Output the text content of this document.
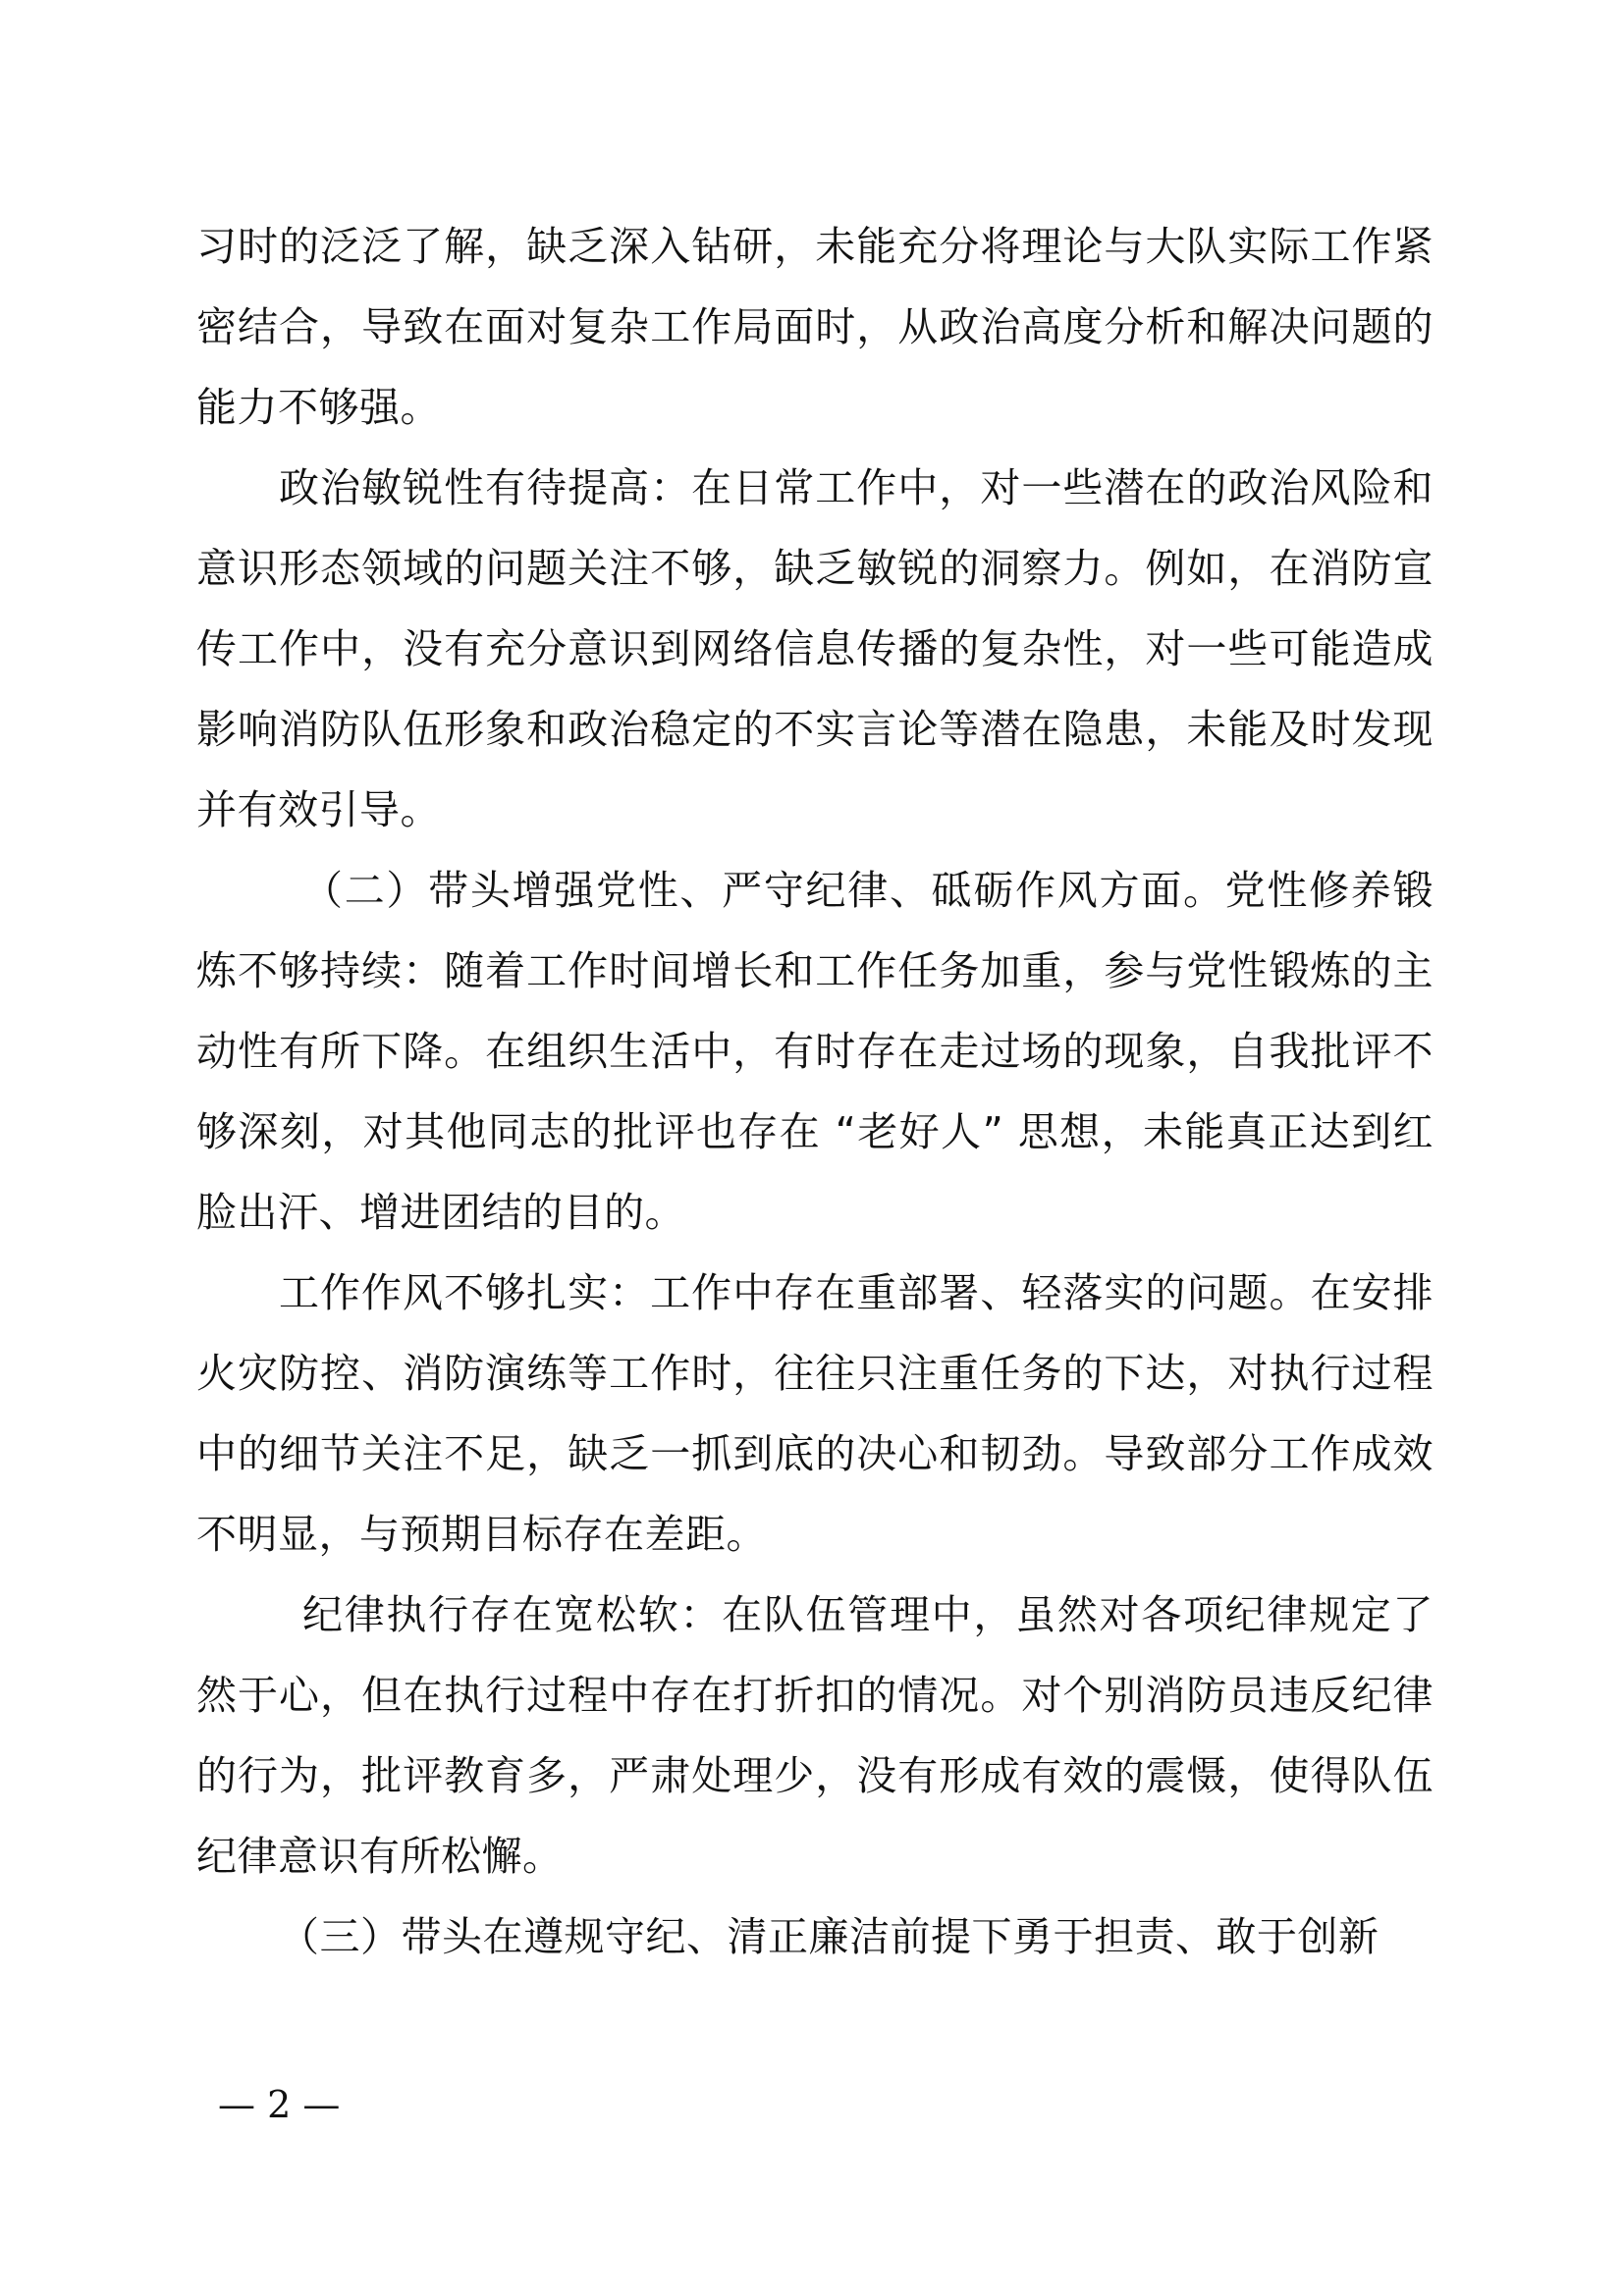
习时的泛泛了解，缺乏深入钻研，未能充分将理论与大队实际工作紧密结合，导致在面对复杂工作局面时，从政治高度分析和解决问题的能力不够强。

政治敏锐性有待提高：在日常工作中，对一些潜在的政治风险和意识形态领域的问题关注不够，缺乏敏锐的洞察力。例如，在消防宣传工作中，没有充分意识到网络信息传播的复杂性，对一些可能造成影响消防队伍形象和政治稳定的不实言论等潜在隐患，未能及时发现并有效引导。

（二）带头增强党性、严守纪律、砥砺作风方面。党性修养锻炼不够持续：随着工作时间增长和工作任务加重，参与党性锻炼的主动性有所下降。在组织生活中，有时存在走过场的现象，自我批评不够深刻，对其他同志的批评也存在 “老好人” 思想，未能真正达到红脸出汗、增进团结的目的。

工作作风不够扎实：工作中存在重部署、轻落实的问题。在安排火灾防控、消防演练等工作时，往往只注重任务的下达，对执行过程中的细节关注不足，缺乏一抓到底的决心和韧劲。导致部分工作成效不明显，与预期目标存在差距。

纪律执行存在宽松软：在队伍管理中，虽然对各项纪律规定了然于心，但在执行过程中存在打折扣的情况。对个别消防员违反纪律的行为，批评教育多，严肃处理少，没有形成有效的震慑，使得队伍纪律意识有所松懈。

（三）带头在遵规守纪、清正廉洁前提下勇于担责、敢于创新

— 2 —
